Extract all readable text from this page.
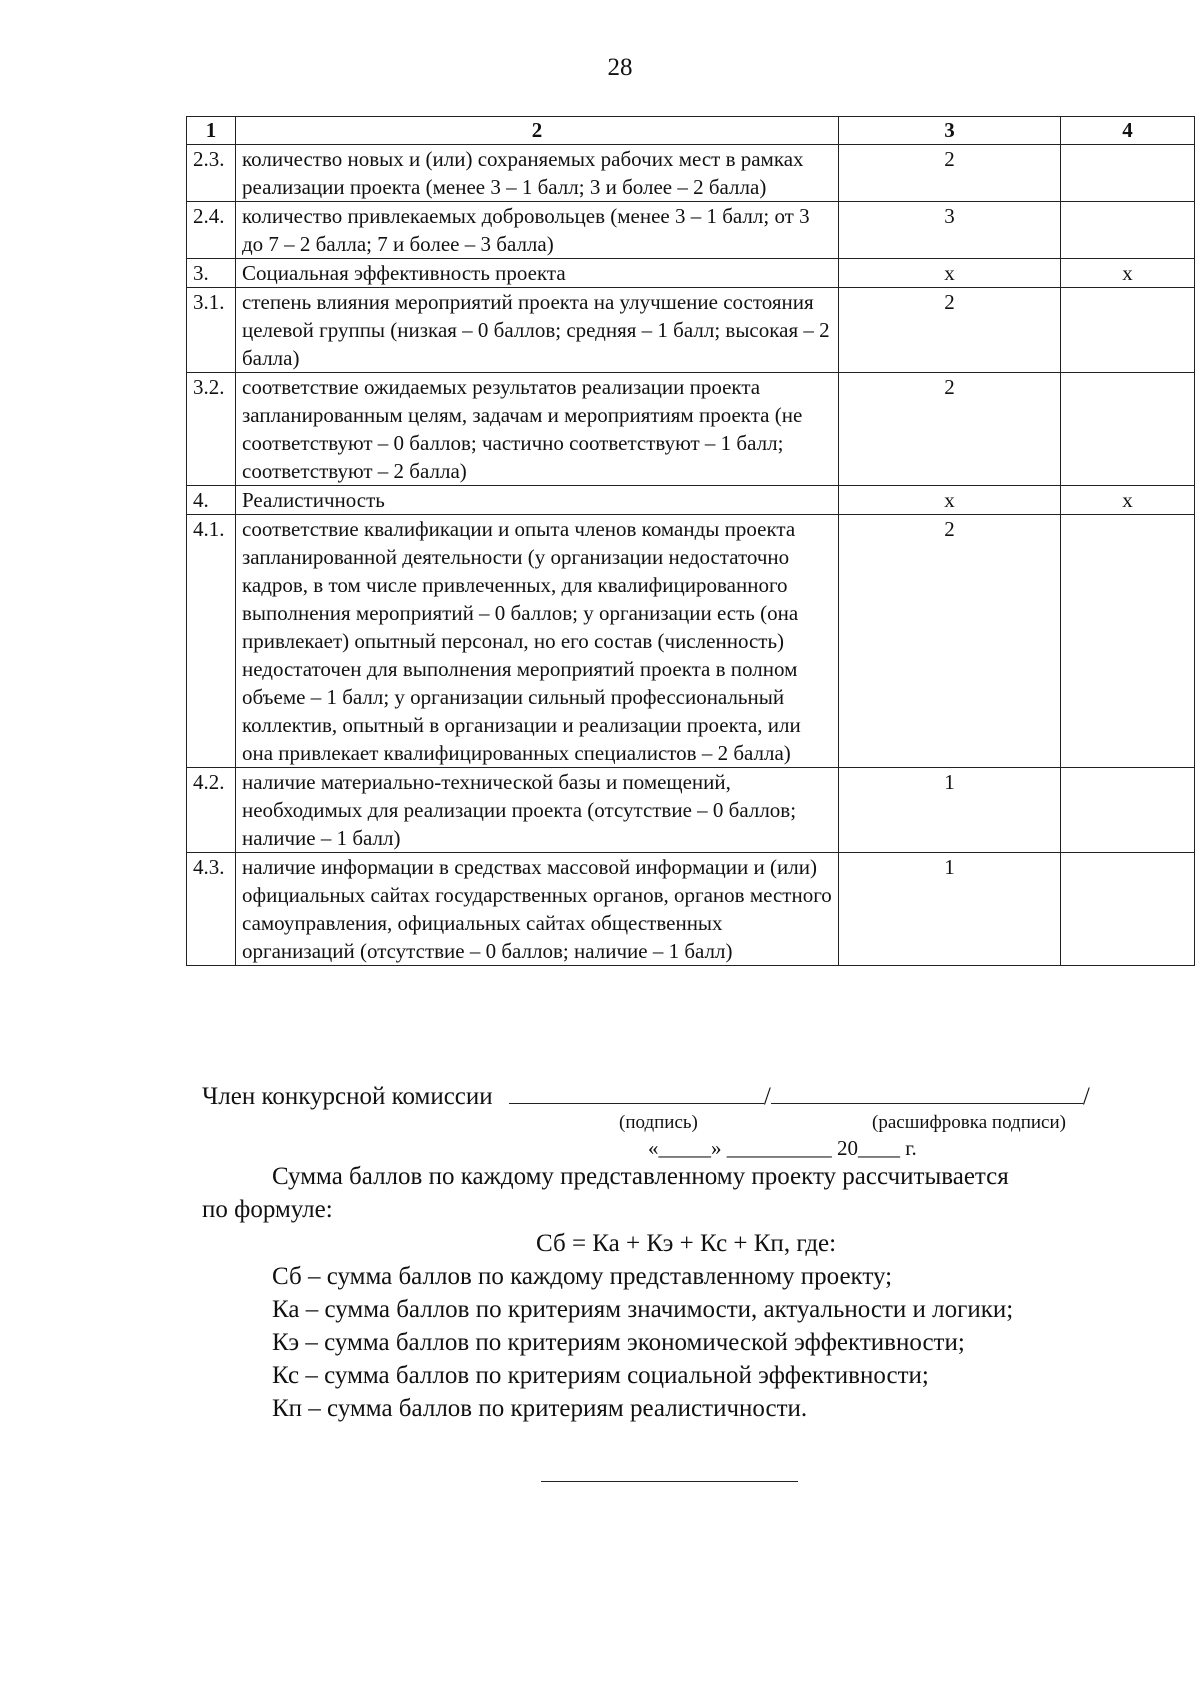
28
1	2	3	4
2.3.	количество новых и (или) сохраняемых рабочих мест в рамках реализации проекта (менее 3 – 1 балл; 3 и более – 2 балла)	2	
2.4.	количество привлекаемых добровольцев (менее 3 – 1 балл; от 3 до 7 – 2 балла; 7 и более – 3 балла)	3	
3.	Социальная эффективность проекта	х	х
3.1.	степень влияния мероприятий проекта на улучшение состояния целевой группы (низкая – 0 баллов; средняя – 1 балл; высокая – 2 балла)	2	
3.2.	соответствие ожидаемых результатов реализации проекта запланированным целям, задачам и мероприятиям проекта (не соответствуют – 0 баллов; частично соответствуют – 1 балл; соответствуют – 2 балла)	2	
4.	Реалистичность	х	х
4.1.	соответствие квалификации и опыта членов команды проекта запланированной деятельности (у организации недостаточно кадров, в том числе привлеченных, для квалифицированного выполнения мероприятий – 0 баллов; у организации есть (она привлекает) опытный персонал, но его состав (численность) недостаточен для выполнения мероприятий проекта в полном объеме – 1 балл; у организации сильный профессиональный коллектив, опытный в организации и реализации проекта, или она привлекает квалифицированных специалистов – 2 балла)	2	
4.2.	наличие материально-технической базы и помещений, необходимых для реализации проекта (отсутствие – 0 баллов; наличие – 1 балл)	1	
4.3.	наличие информации в средствах массовой информации и (или) официальных сайтах государственных органов, органов местного самоуправления, официальных сайтах общественных организаций (отсутствие – 0 баллов; наличие – 1 балл)	1	
Член конкурсной комиссии	/	/
(подпись)	(расшифровка подписи)
«_____» __________ 20____ г.
Сумма баллов по каждому представленному проекту рассчитывается
по формуле:
Сб = Ка + Кэ + Кс + Кп, где:
Сб – сумма баллов по каждому представленному проекту;
Ка – сумма баллов по критериям значимости, актуальности и логики;
Кэ – сумма баллов по критериям экономической эффективности;
Кс – сумма баллов по критериям социальной эффективности;
Кп – сумма баллов по критериям реалистичности.
